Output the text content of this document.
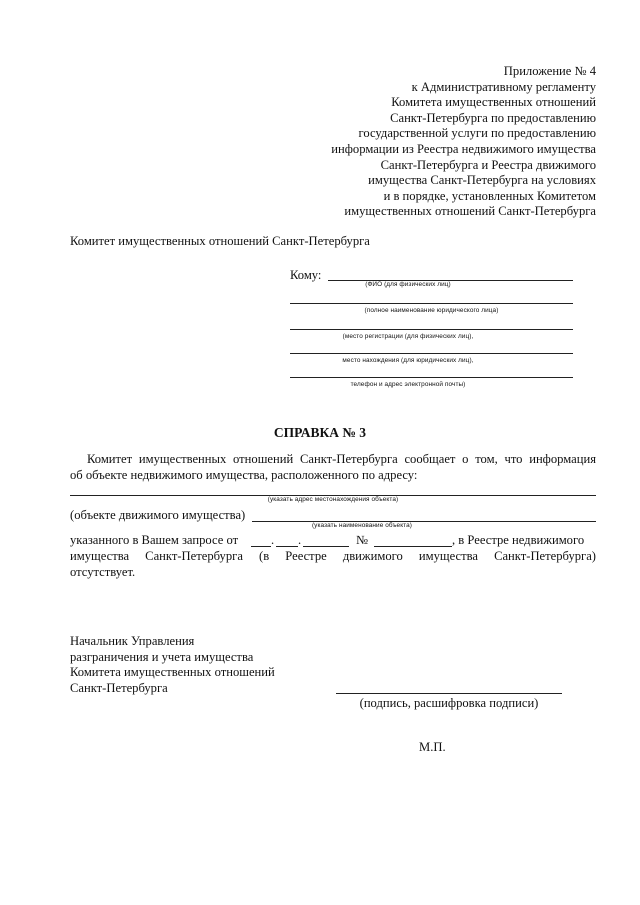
Приложение № 4
к Административному регламенту
Комитета имущественных отношений
Санкт-Петербурга по предоставлению
государственной услуги по предоставлению
информации из Реестра недвижимого имущества
Санкт-Петербурга и Реестра движимого
имущества Санкт-Петербурга на условиях
и в порядке, установленных Комитетом
имущественных отношений Санкт-Петербурга
Комитет имущественных отношений Санкт-Петербурга
Кому:
(ФИО (для физических лиц)
(полное наименование юридического лица)
(место регистрации (для физических лиц),
место нахождения (для юридических лиц),
телефон и адрес электронной почты)
СПРАВКА № 3
Комитет имущественных отношений Санкт-Петербурга сообщает о том, что информация
об объекте недвижимого имущества, расположенного по адресу:
(указать адрес местонахождения объекта)
(объекте движимого имущества)
(указать наименование объекта)
указанного в Вашем запросе от	. .	№	, в Реестре недвижимого
имущества Санкт-Петербурга (в Реестре движимого имущества Санкт-Петербурга)
отсутствует.
Начальник Управления
разграничения и учета имущества
Комитета имущественных отношений
Санкт-Петербурга
(подпись, расшифровка подписи)
М.П.
